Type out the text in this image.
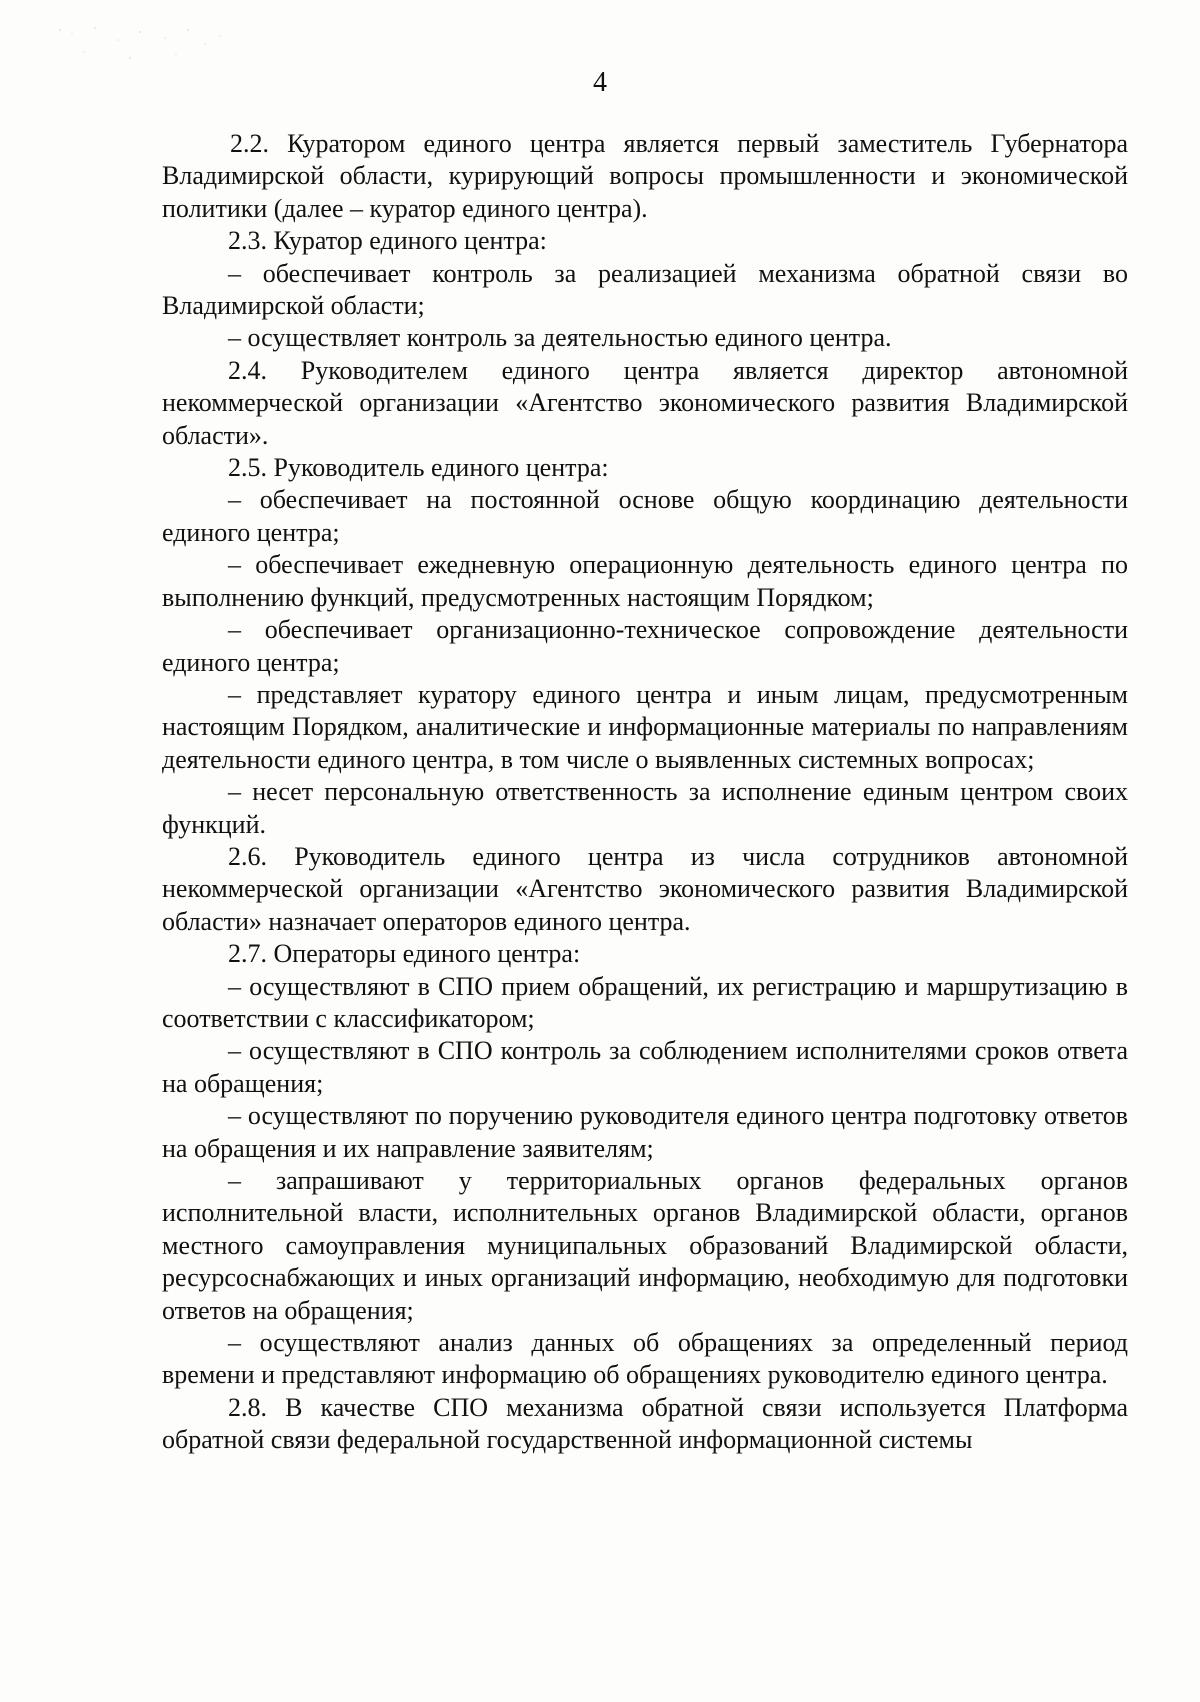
4

2.2. Куратором единого центра является первый заместитель Губернатора Владимирской области, курирующий вопросы промышленности и экономической политики (далее – куратор единого центра).

2.3. Куратор единого центра:

– обеспечивает контроль за реализацией механизма обратной связи во Владимирской области;

– осуществляет контроль за деятельностью единого центра.

2.4. Руководителем единого центра является директор автономной некоммерческой организации «Агентство экономического развития Владимирской области».

2.5. Руководитель единого центра:

– обеспечивает на постоянной основе общую координацию деятельности единого центра;

– обеспечивает ежедневную операционную деятельность единого центра по выполнению функций, предусмотренных настоящим Порядком;

– обеспечивает организационно-техническое сопровождение деятельности единого центра;

– представляет куратору единого центра и иным лицам, предусмотренным настоящим Порядком, аналитические и информационные материалы по направлениям деятельности единого центра, в том числе о выявленных системных вопросах;

– несет персональную ответственность за исполнение единым центром своих функций.

2.6. Руководитель единого центра из числа сотрудников автономной некоммерческой организации «Агентство экономического развития Владимирской области» назначает операторов единого центра.

2.7. Операторы единого центра:

– осуществляют в СПО прием обращений, их регистрацию и маршрутизацию в соответствии с классификатором;

– осуществляют в СПО контроль за соблюдением исполнителями сроков ответа на обращения;

– осуществляют по поручению руководителя единого центра подготовку ответов на обращения и их направление заявителям;

– запрашивают у территориальных органов федеральных органов исполнительной власти, исполнительных органов Владимирской области, органов местного самоуправления муниципальных образований Владимирской области, ресурсоснабжающих и иных организаций информацию, необходимую для подготовки ответов на обращения;

– осуществляют анализ данных об обращениях за определенный период времени и представляют информацию об обращениях руководителю единого центра.

2.8. В качестве СПО механизма обратной связи используется Платформа обратной связи федеральной государственной информационной системы
